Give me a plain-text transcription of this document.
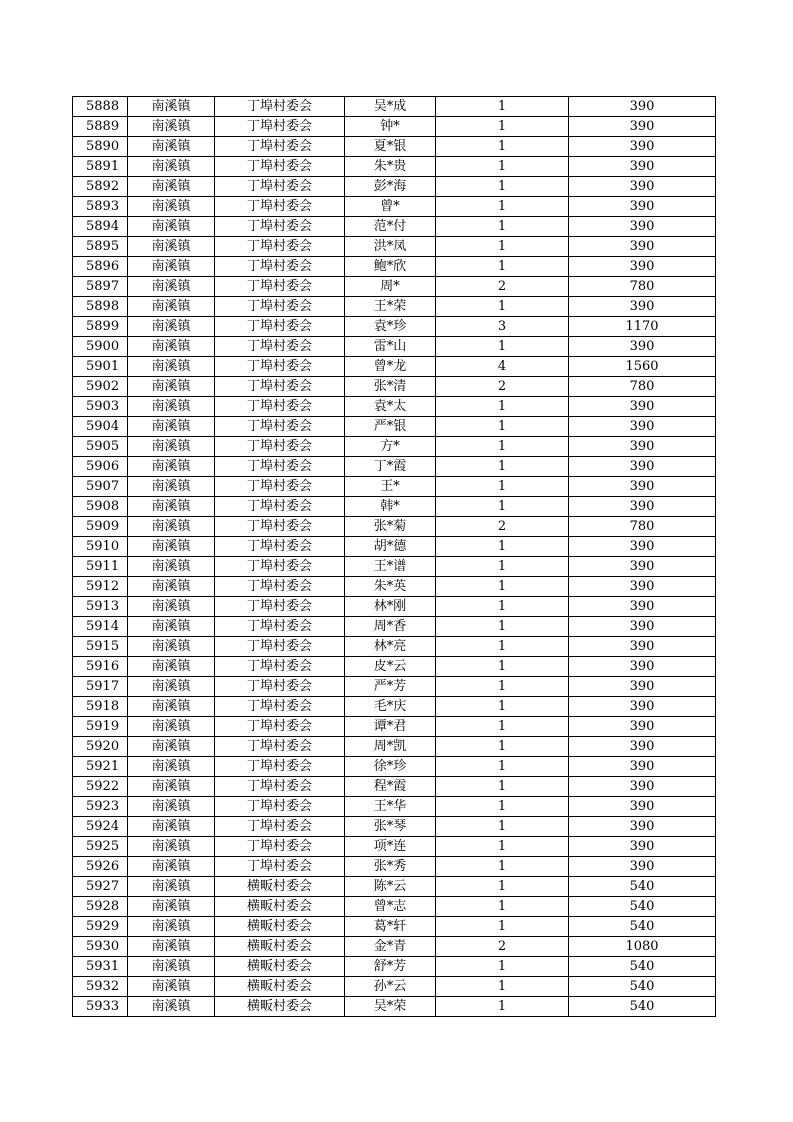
5888	南溪镇	丁埠村委会	吴*成	1	390
5889	南溪镇	丁埠村委会	钟*	1	390
5890	南溪镇	丁埠村委会	夏*银	1	390
5891	南溪镇	丁埠村委会	朱*贵	1	390
5892	南溪镇	丁埠村委会	彭*海	1	390
5893	南溪镇	丁埠村委会	曾*	1	390
5894	南溪镇	丁埠村委会	范*付	1	390
5895	南溪镇	丁埠村委会	洪*凤	1	390
5896	南溪镇	丁埠村委会	鲍*欣	1	390
5897	南溪镇	丁埠村委会	周*	2	780
5898	南溪镇	丁埠村委会	王*荣	1	390
5899	南溪镇	丁埠村委会	袁*珍	3	1170
5900	南溪镇	丁埠村委会	雷*山	1	390
5901	南溪镇	丁埠村委会	曾*龙	4	1560
5902	南溪镇	丁埠村委会	张*清	2	780
5903	南溪镇	丁埠村委会	袁*太	1	390
5904	南溪镇	丁埠村委会	严*银	1	390
5905	南溪镇	丁埠村委会	方*	1	390
5906	南溪镇	丁埠村委会	丁*霞	1	390
5907	南溪镇	丁埠村委会	王*	1	390
5908	南溪镇	丁埠村委会	韩*	1	390
5909	南溪镇	丁埠村委会	张*菊	2	780
5910	南溪镇	丁埠村委会	胡*德	1	390
5911	南溪镇	丁埠村委会	王*谱	1	390
5912	南溪镇	丁埠村委会	朱*英	1	390
5913	南溪镇	丁埠村委会	林*刚	1	390
5914	南溪镇	丁埠村委会	周*香	1	390
5915	南溪镇	丁埠村委会	林*亮	1	390
5916	南溪镇	丁埠村委会	皮*云	1	390
5917	南溪镇	丁埠村委会	严*芳	1	390
5918	南溪镇	丁埠村委会	毛*庆	1	390
5919	南溪镇	丁埠村委会	谭*君	1	390
5920	南溪镇	丁埠村委会	周*凯	1	390
5921	南溪镇	丁埠村委会	徐*珍	1	390
5922	南溪镇	丁埠村委会	程*霞	1	390
5923	南溪镇	丁埠村委会	王*华	1	390
5924	南溪镇	丁埠村委会	张*琴	1	390
5925	南溪镇	丁埠村委会	项*连	1	390
5926	南溪镇	丁埠村委会	张*秀	1	390
5927	南溪镇	横畈村委会	陈*云	1	540
5928	南溪镇	横畈村委会	曾*志	1	540
5929	南溪镇	横畈村委会	葛*轩	1	540
5930	南溪镇	横畈村委会	金*青	2	1080
5931	南溪镇	横畈村委会	舒*芳	1	540
5932	南溪镇	横畈村委会	孙*云	1	540
5933	南溪镇	横畈村委会	吴*荣	1	540
